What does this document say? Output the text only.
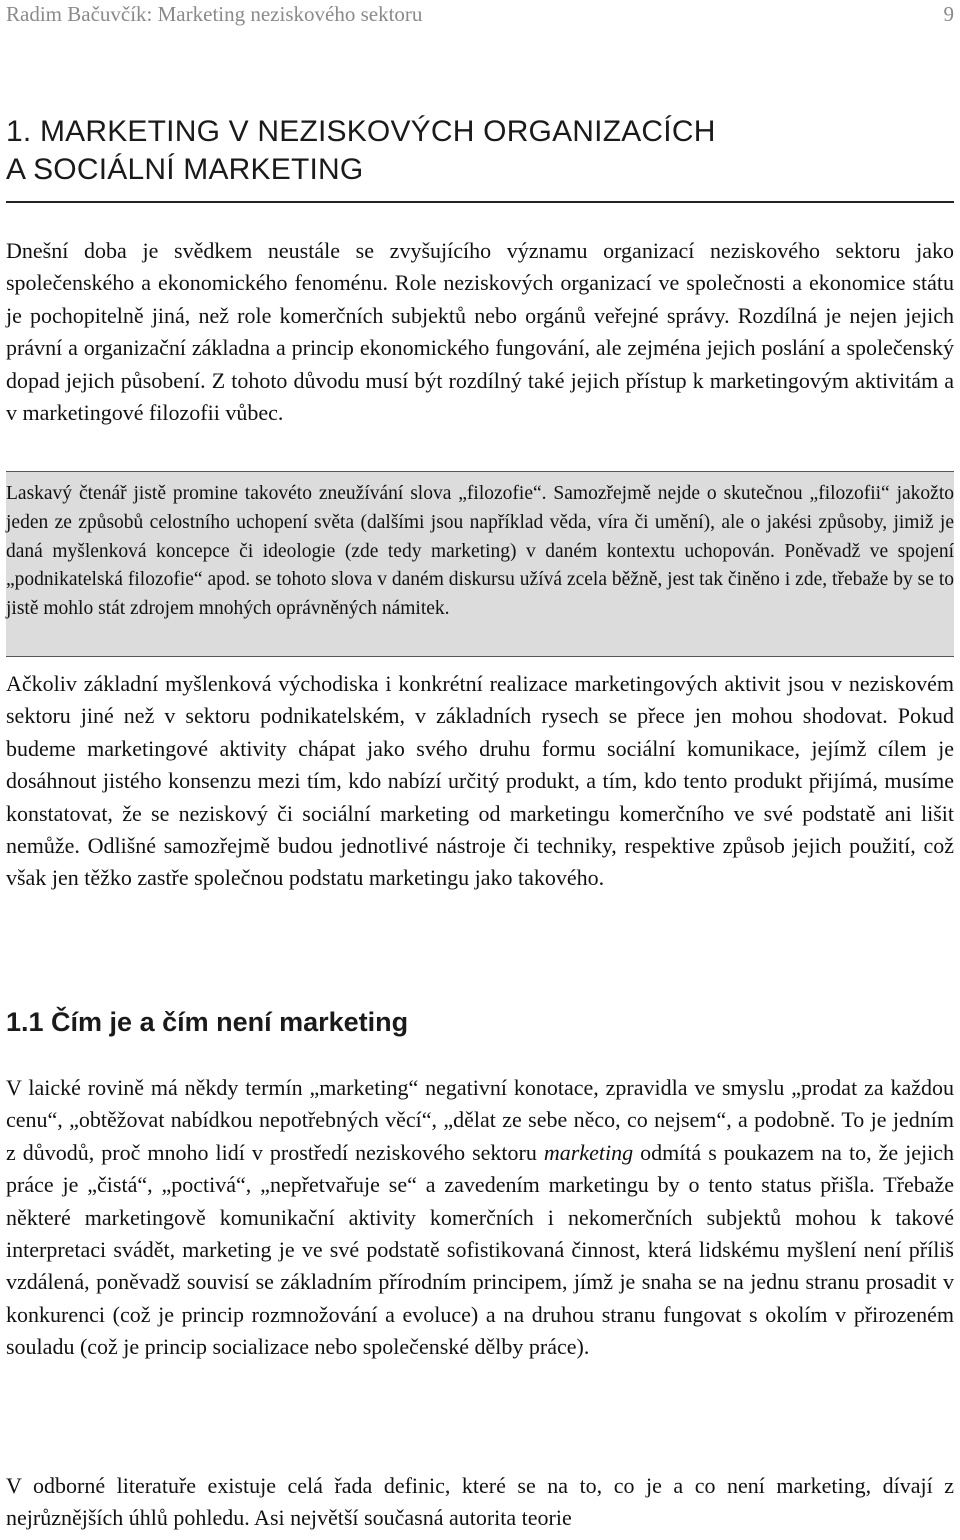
Radim Bačuvčík: Marketing neziskového sektoru	9
1. MARKETING V NEZISKOVÝCH ORGANIZACÍCH
A SOCIÁLNÍ MARKETING

Dnešní doba je svědkem neustále se zvyšujícího významu organizací neziskového sektoru jako společenského a ekonomického fenoménu. Role neziskových organizací ve společnosti a ekonomice státu je pochopitelně jiná, než role komerčních subjektů nebo orgánů veřejné správy. Rozdílná je nejen jejich právní a organizační základna a princip ekonomického fungování, ale zejména jejich poslání a společenský dopad jejich působení. Z tohoto důvodu musí být rozdílný také jejich přístup k marketingovým aktivitám a v marketingové filozofii vůbec.

Laskavý čtenář jistě promine takovéto zneužívání slova „filozofie“. Samozřejmě nejde o skutečnou „filozofii“ jakožto jeden ze způsobů celostního uchopení světa (dalšími jsou například věda, víra či umění), ale o jakési způsoby, jimiž je daná myšlenková koncepce či ideologie (zde tedy marketing) v daném kontextu uchopován. Poněvadž ve spojení „podnikatelská filozofie“ apod. se tohoto slova v daném diskursu užívá zcela běžně, jest tak činěno i zde, třebaže by se to jistě mohlo stát zdrojem mnohých oprávněných námitek.

Ačkoliv základní myšlenková východiska i konkrétní realizace marketingových aktivit jsou v neziskovém sektoru jiné než v sektoru podnikatelském, v základních rysech se přece jen mohou shodovat. Pokud budeme marketingové aktivity chápat jako svého druhu formu sociální komunikace, jejímž cílem je dosáhnout jistého konsenzu mezi tím, kdo nabízí určitý produkt, a tím, kdo tento produkt přijímá, musíme konstatovat, že se neziskový či sociální marketing od marketingu komerčního ve své podstatě ani lišit nemůže. Odlišné samozřejmě budou jednotlivé nástroje či techniky, respektive způsob jejich použití, což však jen těžko zastře společnou podstatu marketingu jako takového.

1.1 Čím je a čím není marketing

V laické rovině má někdy termín „marketing“ negativní konotace, zpravidla ve smyslu „prodat za každou cenu“, „obtěžovat nabídkou nepotřebných věcí“, „dělat ze sebe něco, co nejsem“, a podobně. To je jedním z důvodů, proč mnoho lidí v prostředí neziskového sektoru marketing odmítá s poukazem na to, že jejich práce je „čistá“, „poctivá“, „nepřetvařuje se“ a zavedením marketingu by o tento status přišla. Třebaže některé marketingově komunikační aktivity komerčních i nekomerčních subjektů mohou k takové interpretaci svádět, marketing je ve své podstatě sofistikovaná činnost, která lidskému myšlení není příliš vzdálená, poněvadž souvisí se základním přírodním principem, jímž je snaha se na jednu stranu prosadit v konkurenci (což je princip rozmnožování a evoluce) a na druhou stranu fungovat s okolím v přirozeném souladu (což je princip socializace nebo společenské dělby práce).

V odborné literatuře existuje celá řada definic, které se na to, co je a co není marketing, dívají z nejrůznějších úhlů pohledu. Asi největší současná autorita teorie
